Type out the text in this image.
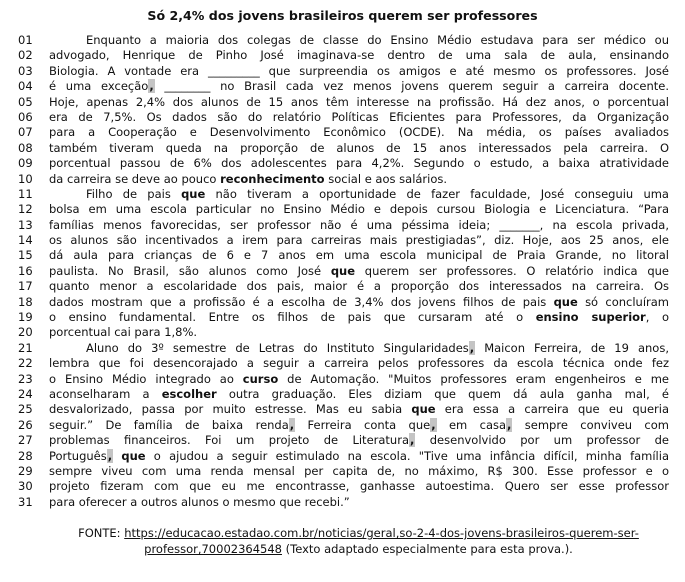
Só 2,4% dos jovens brasileiros querem ser professores
01	Enquanto a maioria dos colegas de classe do Ensino Médio estudava para ser médico ou
02	advogado, Henrique de Pinho José imaginava-se dentro de uma sala de aula, ensinando
03	Biologia. A vontade era _________ que surpreendia os amigos e até mesmo os professores. José
04	é uma exceção, ________ no Brasil cada vez menos jovens querem seguir a carreira docente.
05	Hoje, apenas 2,4% dos alunos de 15 anos têm interesse na profissão. Há dez anos, o porcentual
06	era de 7,5%. Os dados são do relatório Políticas Eficientes para Professores, da Organização
07	para a Cooperação e Desenvolvimento Econômico (OCDE). Na média, os países avaliados
08	também tiveram queda na proporção de alunos de 15 anos interessados pela carreira. O
09	porcentual passou de 6% dos adolescentes para 4,2%. Segundo o estudo, a baixa atratividade
10	da carreira se deve ao pouco reconhecimento social e aos salários.
11	Filho de pais que não tiveram a oportunidade de fazer faculdade, José conseguiu uma
12	bolsa em uma escola particular no Ensino Médio e depois cursou Biologia e Licenciatura. “Para
13	famílias menos favorecidas, ser professor não é uma péssima ideia; _______, na escola privada,
14	os alunos são incentivados a irem para carreiras mais prestigiadas”, diz. Hoje, aos 25 anos, ele
15	dá aula para crianças de 6 e 7 anos em uma escola municipal de Praia Grande, no litoral
16	paulista. No Brasil, são alunos como José que querem ser professores. O relatório indica que
17	quanto menor a escolaridade dos pais, maior é a proporção dos interessados na carreira. Os
18	dados mostram que a profissão é a escolha de 3,4% dos jovens filhos de pais que só concluíram
19	o ensino fundamental. Entre os filhos de pais que cursaram até o ensino superior, o
20	porcentual cai para 1,8%.
21	Aluno do 3º semestre de Letras do Instituto Singularidades, Maicon Ferreira, de 19 anos,
22	lembra que foi desencorajado a seguir a carreira pelos professores da escola técnica onde fez
23	o Ensino Médio integrado ao curso de Automação. "Muitos professores eram engenheiros e me
24	aconselharam a escolher outra graduação. Eles diziam que quem dá aula ganha mal, é
25	desvalorizado, passa por muito estresse. Mas eu sabia que era essa a carreira que eu queria
26	seguir.” De família de baixa renda, Ferreira conta que, em casa, sempre conviveu com
27	problemas financeiros. Foi um projeto de Literatura, desenvolvido por um professor de
28	Português, que o ajudou a seguir estimulado na escola. "Tive uma infância difícil, minha família
29	sempre viveu com uma renda mensal per capita de, no máximo, R$ 300. Esse professor e o
30	projeto fizeram com que eu me encontrasse, ganhasse autoestima. Quero ser esse professor
31	para oferecer a outros alunos o mesmo que recebi.”
FONTE: https://educacao.estadao.com.br/noticias/geral,so-2-4-dos-jovens-brasileiros-querem-ser-professor,70002364548 (Texto adaptado especialmente para esta prova.).
